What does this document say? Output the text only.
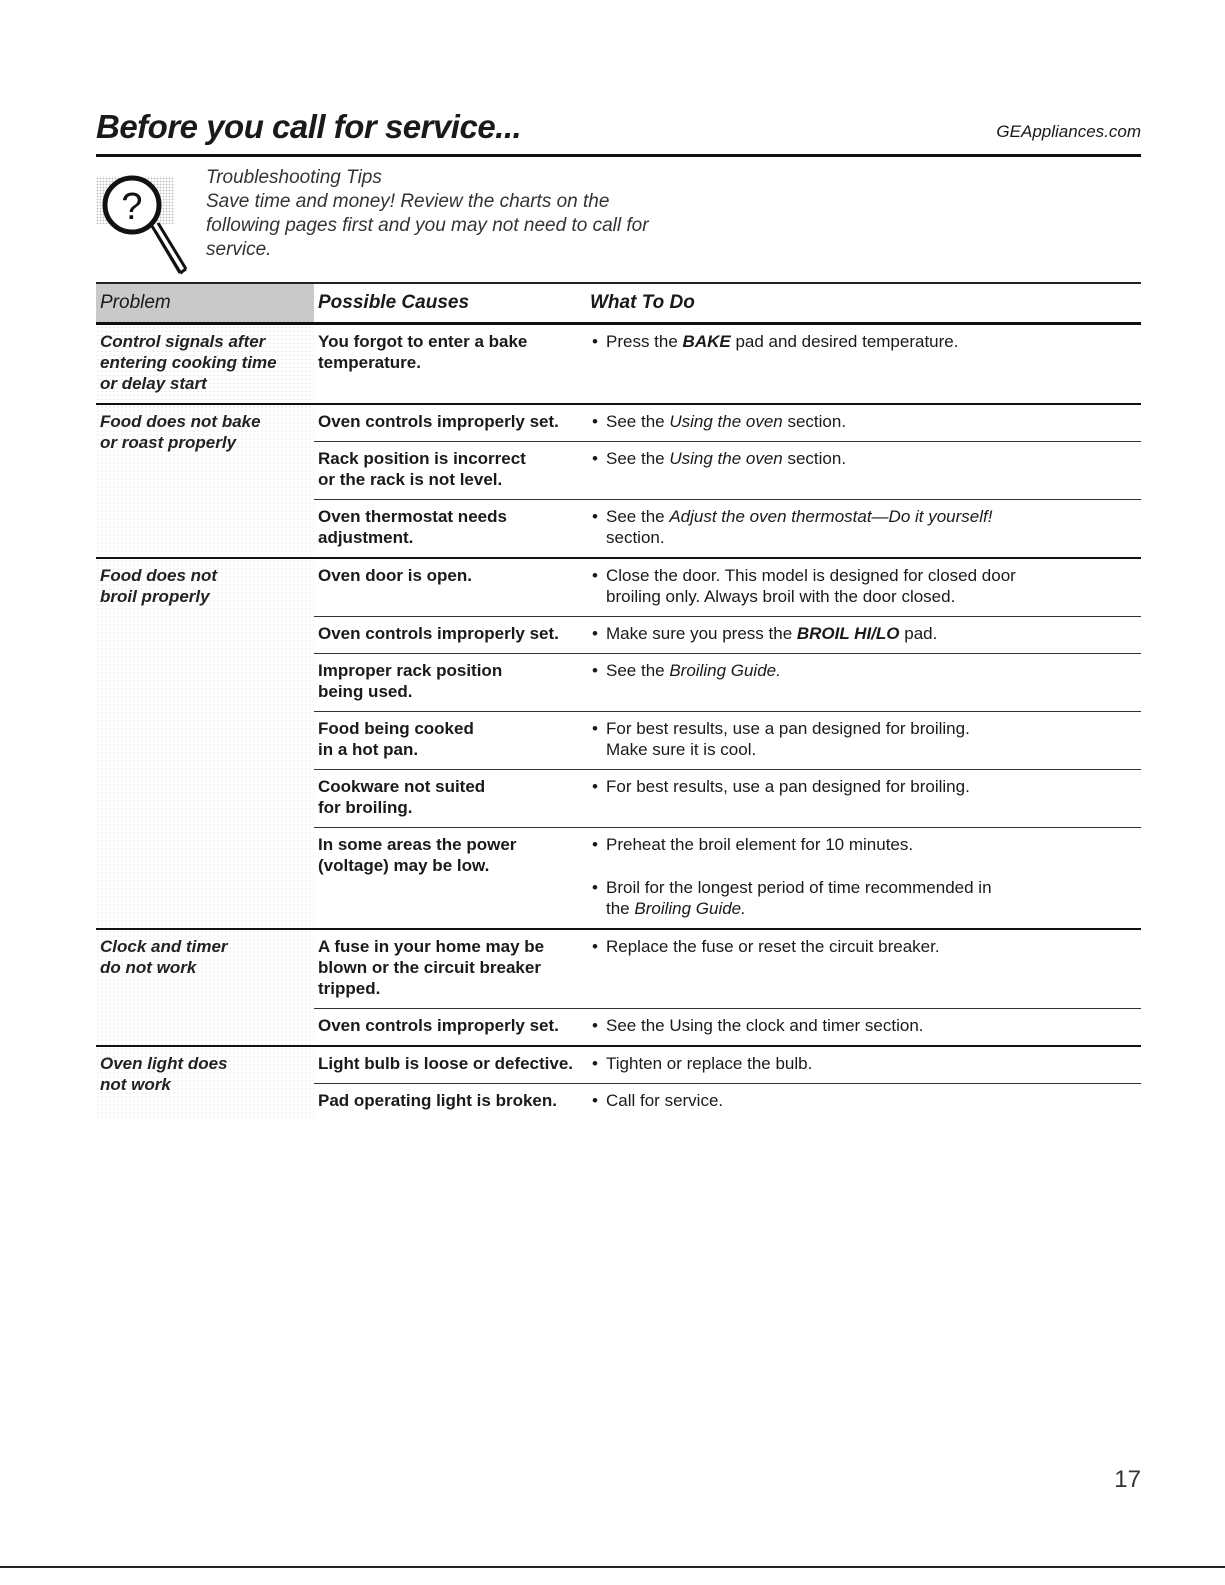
Before you call for service...	GEAppliances.com
?
Troubleshooting Tips
Save time and money! Review the charts on the
following pages first and you may not need to call for
service.
Problem	Possible Causes	What To Do
Control signals after
entering cooking time
or delay start	You forgot to enter a bake
temperature.	• Press the BAKE pad and desired temperature.
Food does not bake
or roast properly	Oven controls improperly set.	• See the Using the oven section.
	Rack position is incorrect
or the rack is not level.	• See the Using the oven section.
	Oven thermostat needs
adjustment.	• See the Adjust the oven thermostat—Do it yourself!
section.

Food does not
broil properly	Oven door is open.	• Close the door. This model is designed for closed door
broiling only. Always broil with the door closed.

	Oven controls improperly set.	• Make sure you press the BROIL HI/LO pad.
	Improper rack position
being used.	• See the Broiling Guide.
	Food being cooked
in a hot pan.	• For best results, use a pan designed for broiling.
Make sure it is cool.

	Cookware not suited
for broiling.	• For best results, use a pan designed for broiling.
	In some areas the power
(voltage) may be low.	• Preheat the broil element for 10 minutes.
• Broil for the longest period of time recommended in
the Broiling Guide.

Clock and timer
do not work	A fuse in your home may be
blown or the circuit breaker
tripped.	• Replace the fuse or reset the circuit breaker.
	Oven controls improperly set.	• See the Using the clock and timer section.
Oven light does
not work	Light bulb is loose or defective.	• Tighten or replace the bulb.
	Pad operating light is broken.	• Call for service.
17
